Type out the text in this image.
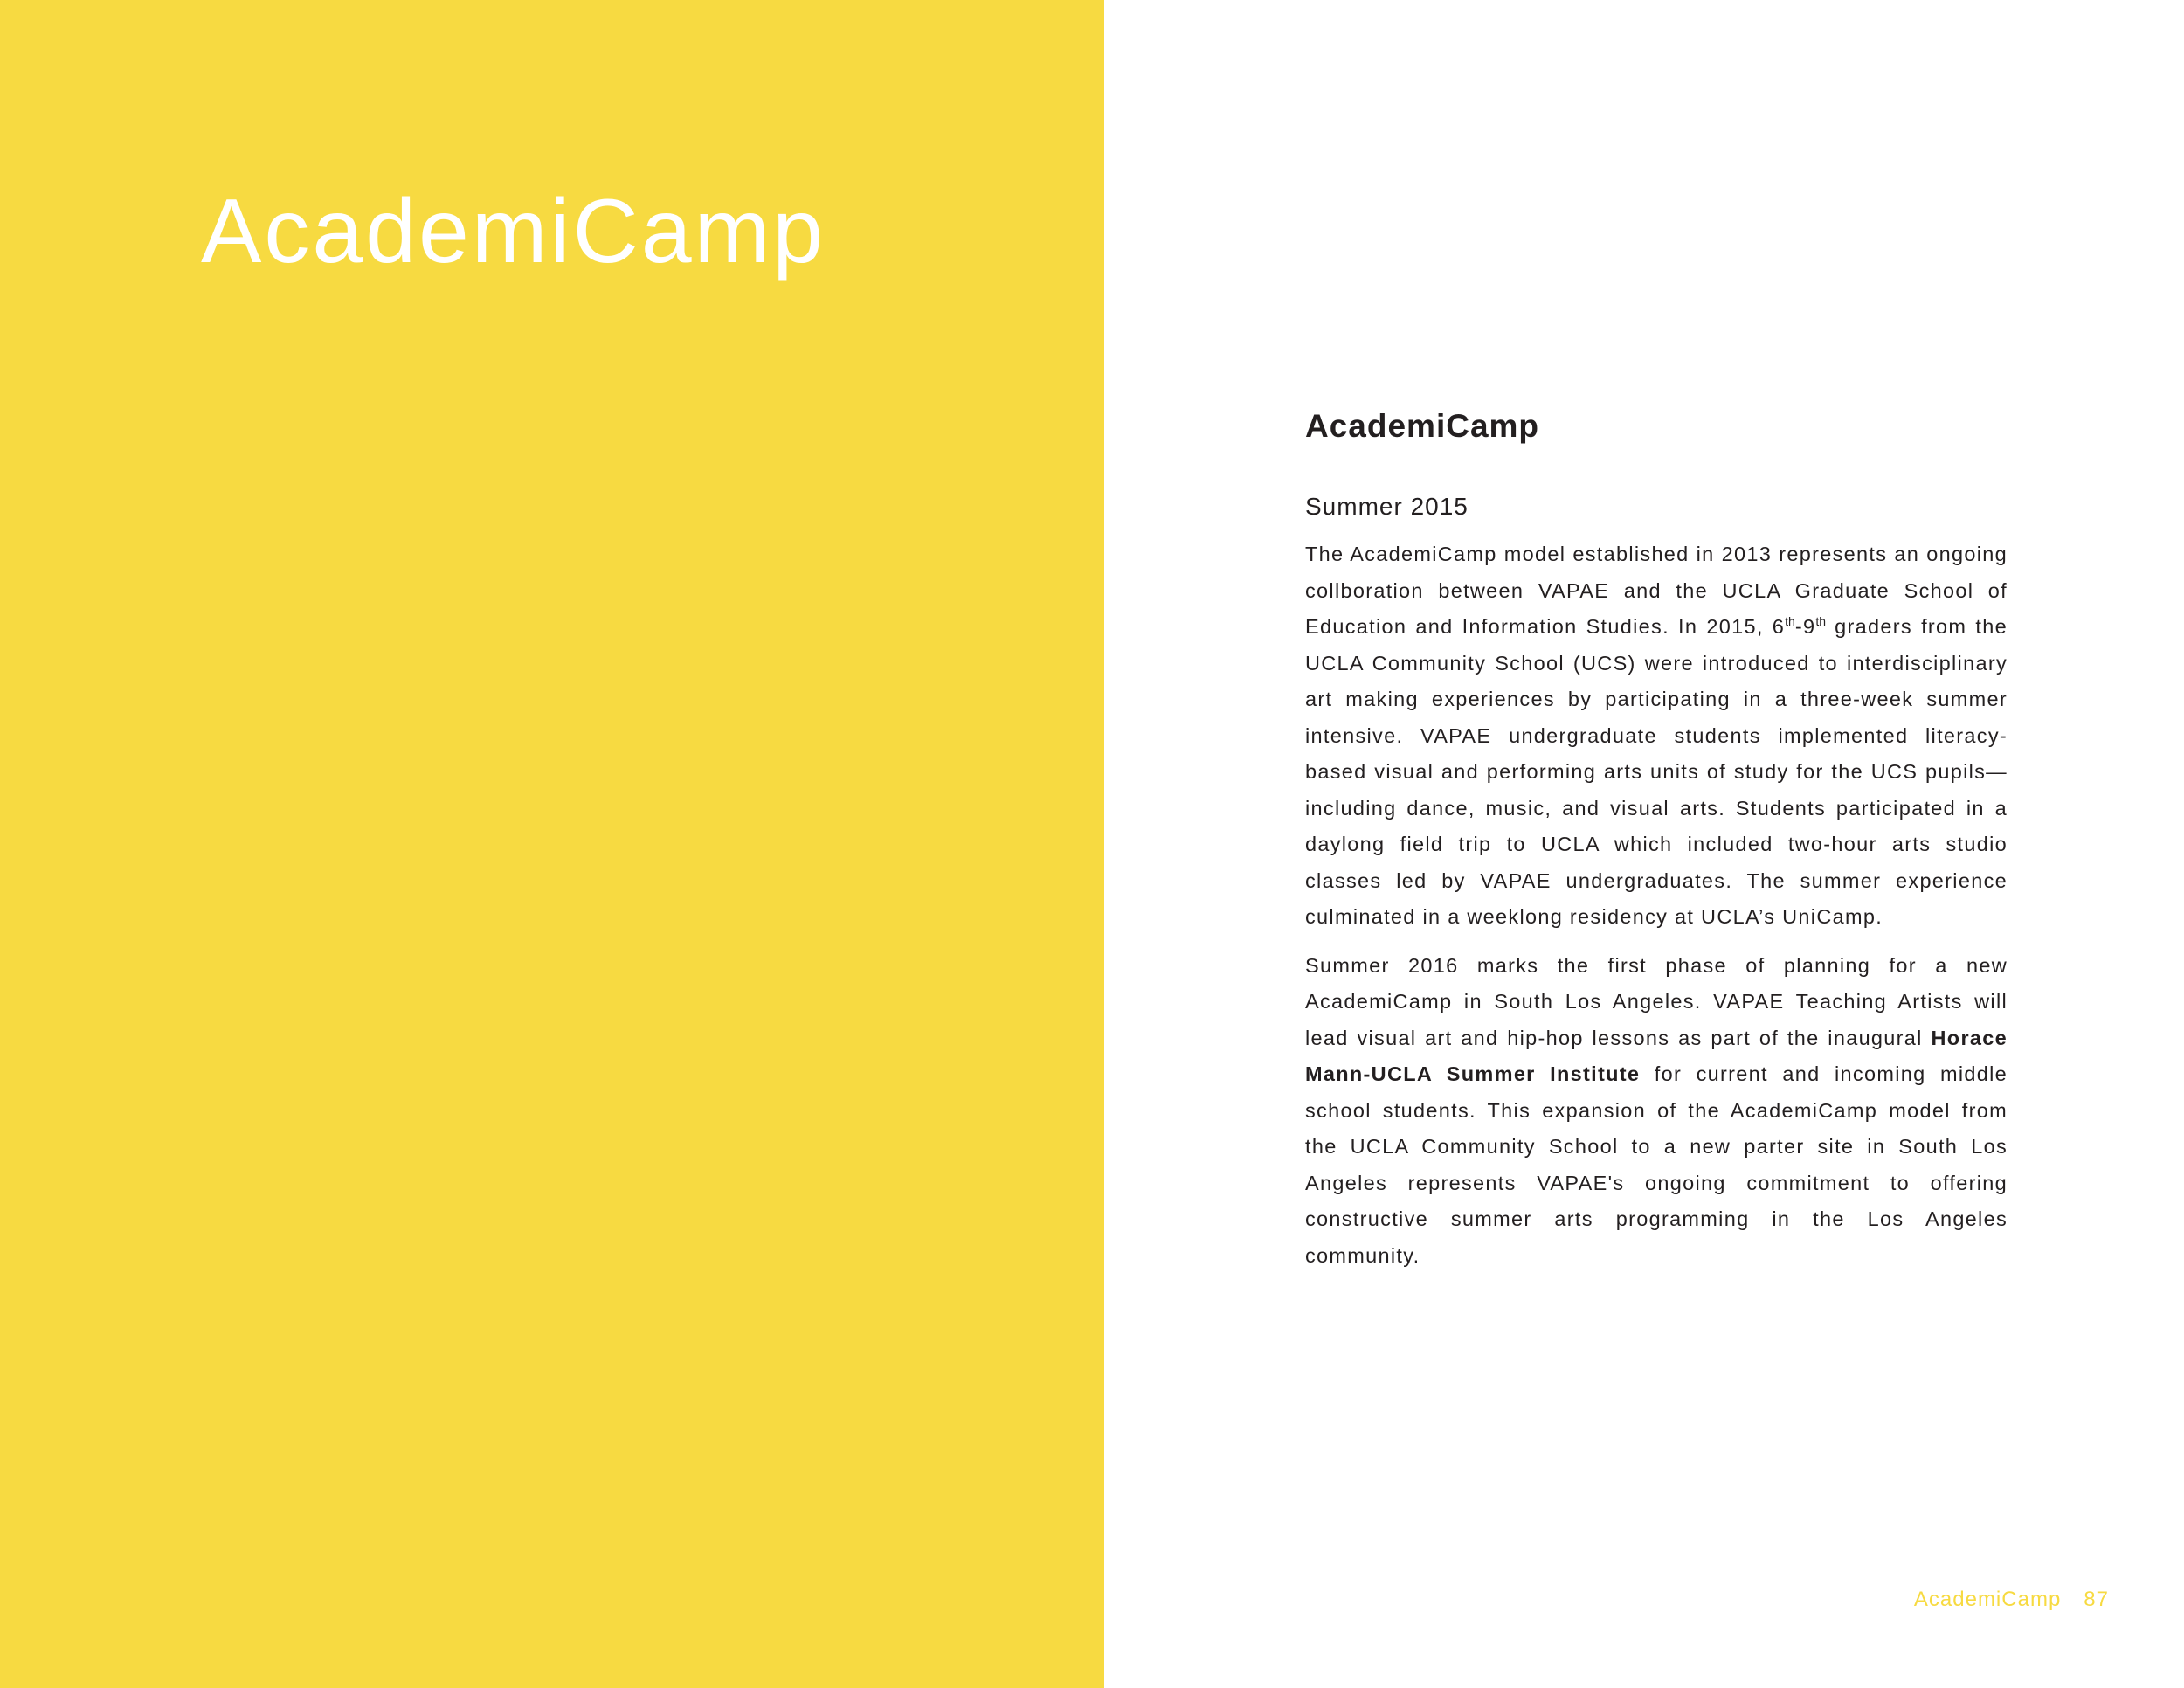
AcademiCamp
AcademiCamp
Summer 2015

The AcademiCamp model established in 2013 represents an ongoing collboration between VAPAE and the UCLA Graduate School of Education and Information Studies. In 2015, 6th-9th graders from the UCLA Community School (UCS) were introduced to interdisciplinary art making experiences by participating in a three-week summer intensive. VAPAE undergraduate students implemented literacy-based visual and performing arts units of study for the UCS pupils—including dance, music, and visual arts. Students participated in a daylong field trip to UCLA which included two-hour arts studio classes led by VAPAE undergraduates. The summer experience culminated in a weeklong residency at UCLA’s UniCamp.

Summer 2016 marks the first phase of planning for a new AcademiCamp in South Los Angeles. VAPAE Teaching Artists will lead visual art and hip-hop lessons as part of the inaugural Horace Mann-UCLA Summer Institute for current and incoming middle school students. This expansion of the AcademiCamp model from the UCLA Community School to a new parter site in South Los Angeles represents VAPAE's ongoing commitment to offering constructive summer arts programming in the Los Angeles community.

AcademiCamp 87
